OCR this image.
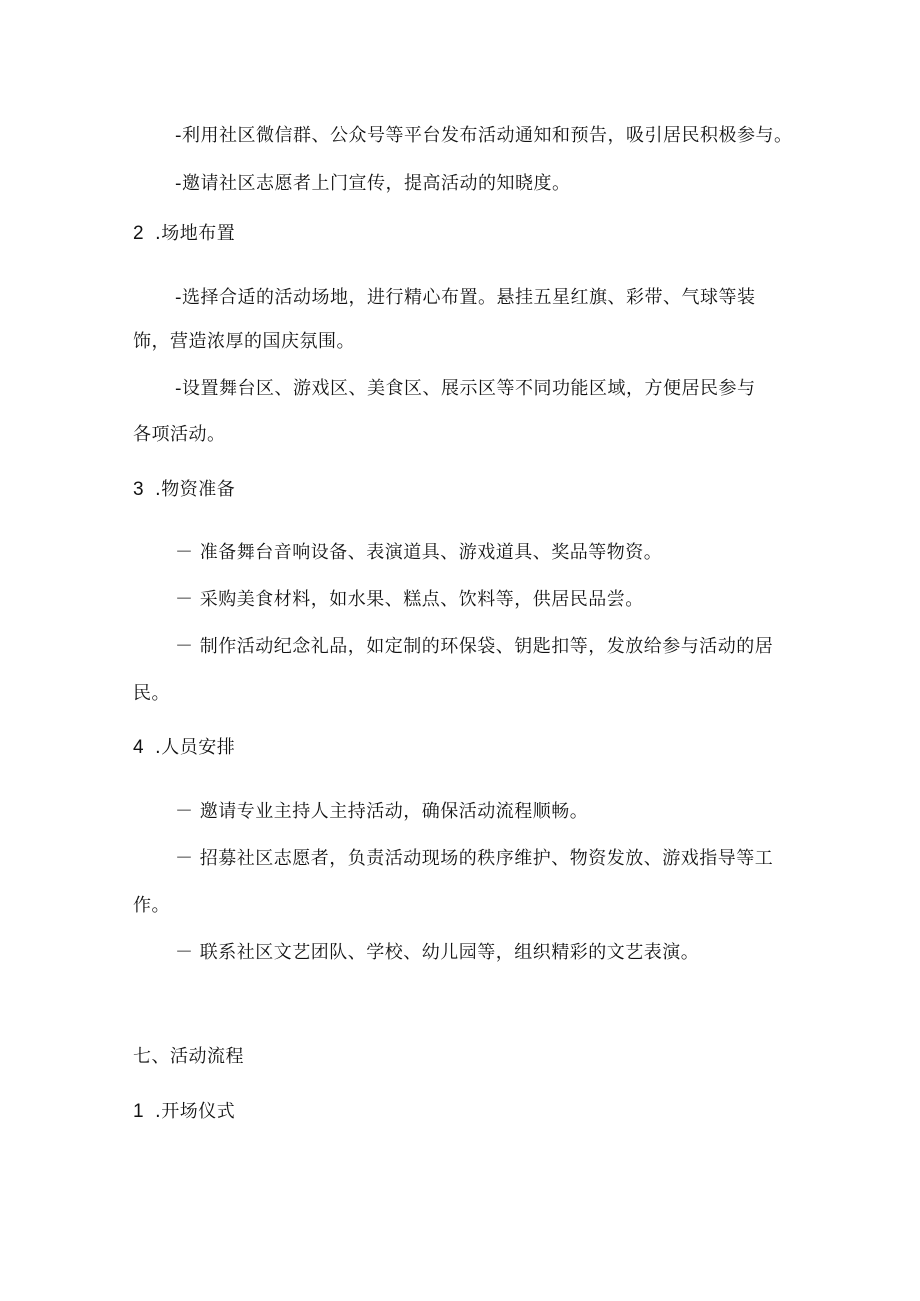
-利用社区微信群、公众号等平台发布活动通知和预告，吸引居民积极参与。
-邀请社区志愿者上门宣传，提高活动的知晓度。
2 .场地布置
-选择合适的活动场地，进行精心布置。悬挂五星红旗、彩带、气球等装
饰，营造浓厚的国庆氛围。
-设置舞台区、游戏区、美食区、展示区等不同功能区域，方便居民参与
各项活动。
3 .物资准备
－ 准备舞台音响设备、表演道具、游戏道具、奖品等物资。
－ 采购美食材料，如水果、糕点、饮料等，供居民品尝。
－ 制作活动纪念礼品，如定制的环保袋、钥匙扣等，发放给参与活动的居
民。
4 .人员安排
－ 邀请专业主持人主持活动，确保活动流程顺畅。
－ 招募社区志愿者，负责活动现场的秩序维护、物资发放、游戏指导等工
作。
－ 联系社区文艺团队、学校、幼儿园等，组织精彩的文艺表演。
七、活动流程
1 .开场仪式
